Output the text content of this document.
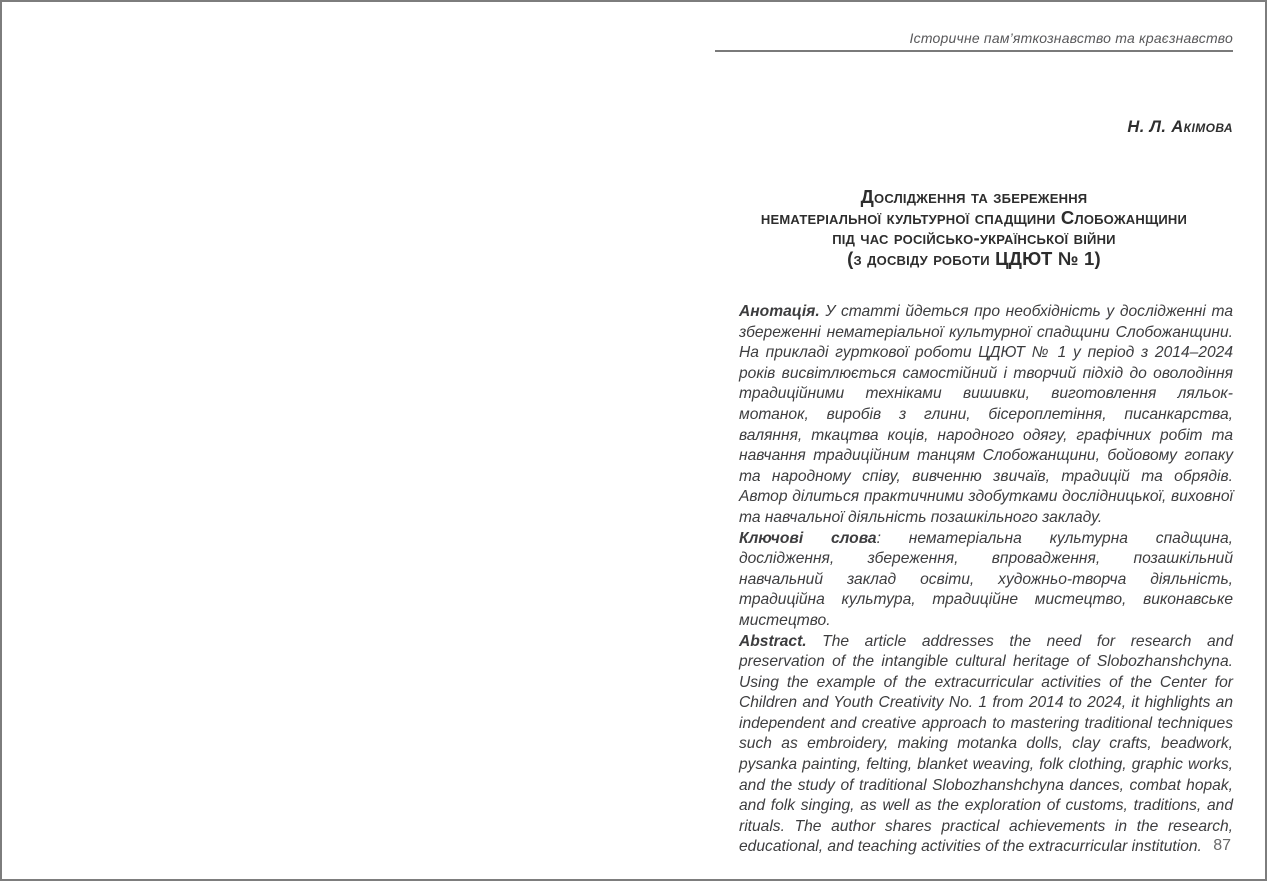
Історичне пам’яткознавство та краєзнавство
Н. Л. Акімова
Дослідження та збереження
нематеріальної культурної спадщини Слобожанщини
під час російсько-української війни
(з досвіду роботи ЦДЮТ № 1)

Анотація. У статті йдеться про необхідність у дослідженні та збереженні нематеріальної культурної спадщини Слобожанщини. На прикладі гурткової роботи ЦДЮТ № 1 у період з 2014–2024 років висвітлюється самостійний і творчий підхід до оволодіння традиційними техніками вишивки, виготовлення ляльок-мотанок, виробів з глини, бісероплетіння, писанкарства, валяння, ткацтва коців, народного одягу, графічних робіт та навчання традиційним танцям Слобожанщини, бойовому гопаку та народному співу, вивченню звичаїв, традицій та обрядів. Автор ділиться практичними здобутками дослідницької, виховної та навчальної діяльність позашкільного закладу.

Ключові слова: нематеріальна культурна спадщина, дослідження, збереження, впровадження, позашкільний навчальний заклад освіти, художньо-творча діяльність, традиційна культура, традиційне мистецтво, виконавське мистецтво.

Abstract. The article addresses the need for research and preservation of the intangible cultural heritage of Slobozhanshchyna. Using the example of the extracurricular activities of the Center for Children and Youth Creativity No. 1 from 2014 to 2024, it highlights an independent and creative approach to mastering traditional techniques such as embroidery, making motanka dolls, clay crafts, beadwork, pysanka painting, felting, blanket weaving, folk clothing, graphic works, and the study of traditional Slobozhanshchyna dances, combat hopak, and folk singing, as well as the exploration of customs, traditions, and rituals. The author shares practical achievements in the research, educational, and teaching activities of the extracurricular institution. 87
